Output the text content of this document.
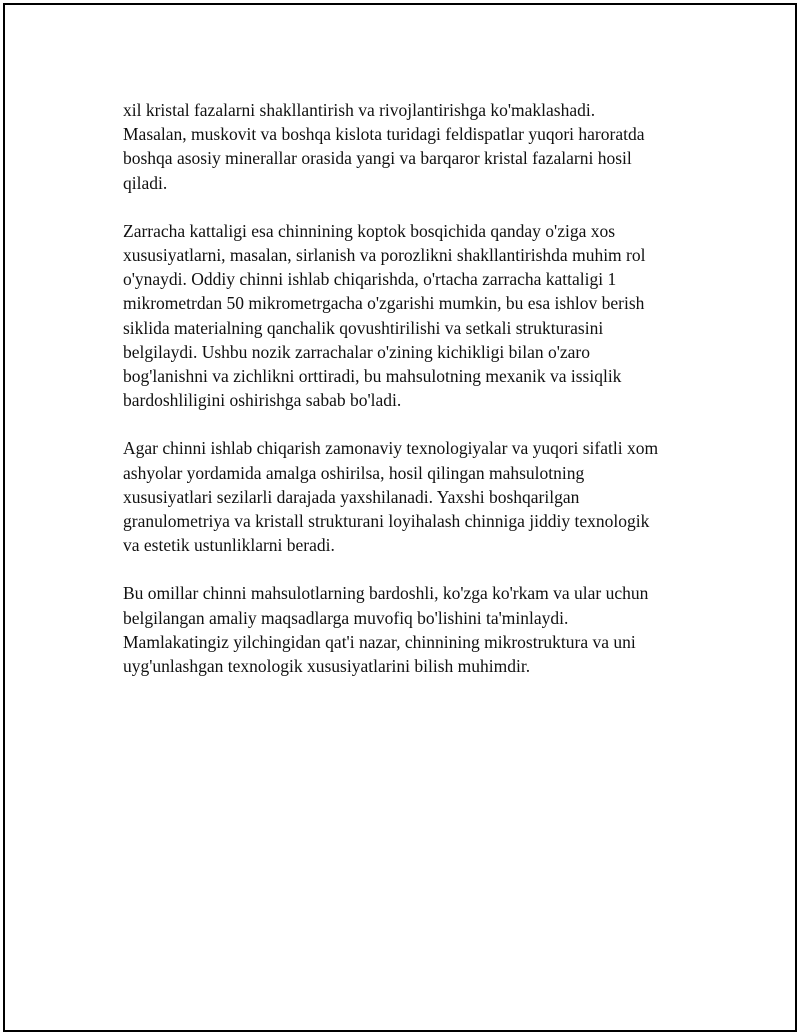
xil kristal fazalarni shakllantirish va rivojlantirishga ko'maklashadi.
Masalan, muskovit va boshqa kislota turidagi feldispatlar yuqori haroratda
boshqa asosiy minerallar orasida yangi va barqaror kristal fazalarni hosil
qiladi.

Zarracha kattaligi esa chinnining koptok bosqichida qanday o'ziga xos
xususiyatlarni, masalan, sirlanish va porozlikni shakllantirishda muhim rol
o'ynaydi. Oddiy chinni ishlab chiqarishda, o'rtacha zarracha kattaligi 1
mikrometrdan 50 mikrometrgacha o'zgarishi mumkin, bu esa ishlov berish
siklida materialning qanchalik qovushtirilishi va setkali strukturasini
belgilaydi. Ushbu nozik zarrachalar o'zining kichikligi bilan o'zaro
bog'lanishni va zichlikni orttiradi, bu mahsulotning mexanik va issiqlik
bardoshliligini oshirishga sabab bo'ladi.

Agar chinni ishlab chiqarish zamonaviy texnologiyalar va yuqori sifatli xom
ashyolar yordamida amalga oshirilsa, hosil qilingan mahsulotning
xususiyatlari sezilarli darajada yaxshilanadi. Yaxshi boshqarilgan
granulometriya va kristall strukturani loyihalash chinniga jiddiy texnologik
va estetik ustunliklarni beradi.

Bu omillar chinni mahsulotlarning bardoshli, ko'zga ko'rkam va ular uchun
belgilangan amaliy maqsadlarga muvofiq bo'lishini ta'minlaydi.
Mamlakatingiz yilchingidan qat'i nazar, chinnining mikrostruktura va uni
uyg'unlashgan texnologik xususiyatlarini bilish muhimdir.
